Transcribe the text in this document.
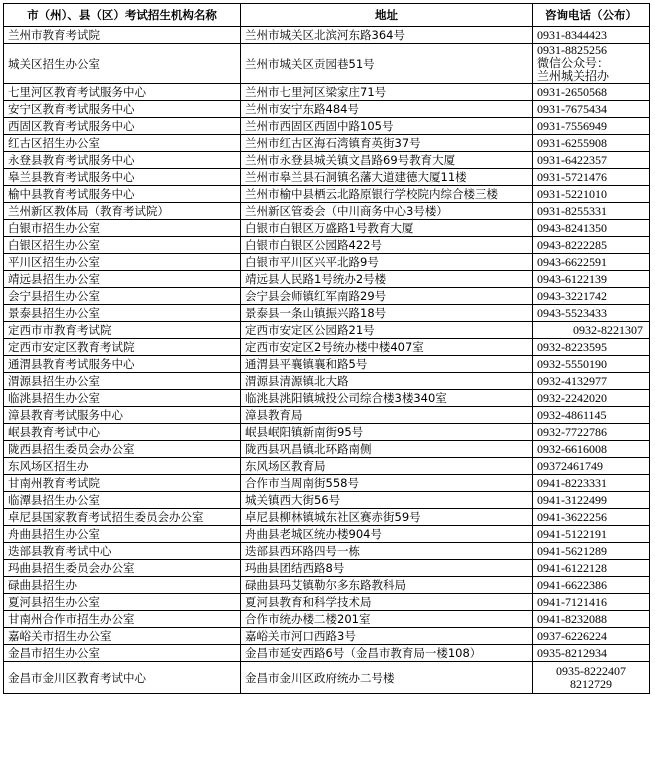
市（州）、县（区）考试招生机构名称	地址	咨询电话（公布）
兰州市教育考试院	兰州市城关区北滨河东路364号	0931-8344423

城关区招生办公室	兰州市城关区贡园巷51号	0931-8825256
微信公众号：
兰州城关招办

七里河区教育考试服务中心	兰州市七里河区梁家庄71号	0931-2650568

安宁区教育考试服务中心	兰州市安宁东路484号	0931-7675434

西固区教育考试服务中心	兰州市西固区西固中路105号	0931-7556949

红古区招生办公室	兰州市红古区海石湾镇育英街37号	0931-6255908

永登县教育考试服务中心	兰州市永登县城关镇文昌路69号教育大厦	0931-6422357

皋兰县教育考试服务中心	兰州市皋兰县石洞镇名藩大道建德大厦11楼	0931-5721476

榆中县教育考试服务中心	兰州市榆中县栖云北路原银行学校院内综合楼三楼	0931-5221010

兰州新区教体局（教育考试院）	兰州新区管委会（中川商务中心3号楼）	0931-8255331

白银市招生办公室	白银市白银区万盛路1号教育大厦	0943-8241350

白银区招生办公室	白银市白银区公园路422号	0943-8222285

平川区招生办公室	白银市平川区兴平北路9号	0943-6622591

靖远县招生办公室	靖远县人民路1号统办2号楼	0943-6122139

会宁县招生办公室	会宁县会师镇红军南路29号	0943-3221742

景泰县招生办公室	景泰县一条山镇振兴路18号	0943-5523433

定西市市教育考试院	定西市安定区公园路21号	0932-8221307

定西市安定区教育考试院	定西市安定区2号统办楼中楼407室	0932-8223595

通渭县教育考试服务中心	通渭县平襄镇襄和路5号	0932-5550190

渭源县招生办公室	渭源县清源镇北大路	0932-4132977

临洮县招生办公室	临洮县洮阳镇城投公司综合楼3楼340室	0932-2242020

漳县教育考试服务中心	漳县教育局	0932-4861145

岷县教育考试中心	岷县岷阳镇新南街95号	0932-7722786

陇西县招生委员会办公室	陇西县巩昌镇北环路南侧	0932-6616008

东风场区招生办	东风场区教育局	09372461749

甘南州教育考试院	合作市当周南街558号	0941-8223331

临潭县招生办公室	城关镇西大街56号	0941-3122499

卓尼县国家教育考试招生委员会办公室	卓尼县柳林镇城东社区赛赤街59号	0941-3622256

舟曲县招生办公室	舟曲县老城区统办楼904号	0941-5122191

迭部县教育考试中心	迭部县西环路四号一栋	0941-5621289

玛曲县招生委员会办公室	玛曲县团结西路8号	0941-6122128

碌曲县招生办	碌曲县玛艾镇勒尔多东路教科局	0941-6622386

夏河县招生办公室	夏河县教育和科学技术局	0941-7121416

甘南州合作市招生办公室	合作市统办楼二楼201室	0941-8232088

嘉峪关市招生办公室	嘉峪关市河口西路3号	0937-6226224

金昌市招生办公室	金昌市延安西路6号（金昌市教育局一楼108）	0935-8212934

金昌市金川区教育考试中心	金昌市金川区政府统办二号楼	0935-8222407
8212729
